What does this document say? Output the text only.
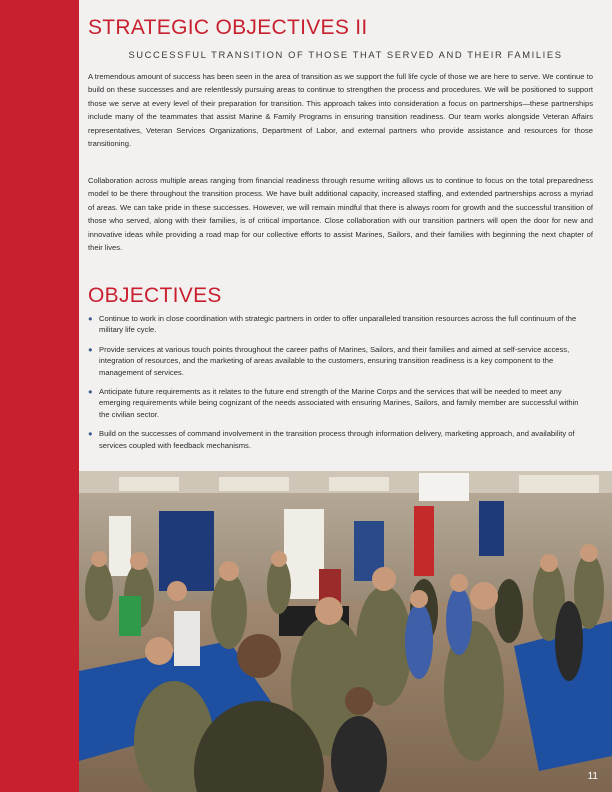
STRATEGIC OBJECTIVES II
SUCCESSFUL TRANSITION OF THOSE THAT SERVED AND THEIR FAMILIES

A tremendous amount of success has been seen in the area of transition as we support the full life cycle of those we are here to serve. We continue to build on these successes and are relentlessly pursuing areas to continue to strengthen the process and procedures. We will be positioned to support those we serve at every level of their preparation for transition. This approach takes into consideration a focus on partnerships—these partnerships include many of the teammates that assist Marine & Family Programs in ensuring transition readiness. Our team works alongside Veteran Affairs representatives, Veteran Services Organizations, Department of Labor, and external partners who provide assistance and resources for those transitioning.

Collaboration across multiple areas ranging from financial readiness through resume writing allows us to continue to focus on the total preparedness model to be there throughout the transition process. We have built additional capacity, increased staffing, and extended partnerships across a myriad of areas. We can take pride in these successes. However, we will remain mindful that there is always room for growth and the successful transition of those who served, along with their families, is of critical importance. Close collaboration with our transition partners will open the door for new and innovative ideas while providing a road map for our collective efforts to assist Marines, Sailors, and their families with beginning the next chapter of their lives.

OBJECTIVES
● Continue to work in close coordination with strategic partners in order to offer unparalleled transition resources across the full continuum of the military life cycle.
● Provide services at various touch points throughout the career paths of Marines, Sailors, and their families and aimed at self-service access, integration of resources, and the marketing of areas available to the customers, ensuring transition readiness is a key component to the management of services.
● Anticipate future requirements as it relates to the future end strength of the Marine Corps and the services that will be needed to meet any emerging requirements while being cognizant of the needs associated with ensuring Marines, Sailors, and family member are successful within the civilian sector.
● Build on the successes of command involvement in the transition process through information delivery, marketing approach, and availability of services coupled with feedback mechanisms.
11
